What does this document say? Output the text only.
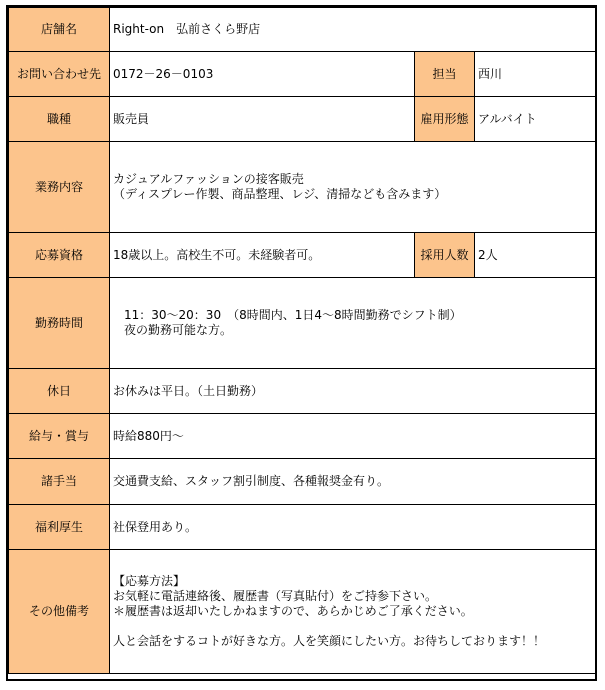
店舗名	Right-on　弘前さくら野店		
お問い合わせ先	0172－26－0103	担当	西川
職種	販売員	雇用形態	アルバイト
業務内容	カジュアルファッションの接客販売
（ディスプレー作製、商品整理、レジ、清掃なども含みます）		

応募資格	18歳以上。高校生不可。未経験者可。	採用人数	2人
勤務時間	11：30～20：30　（8時間内、1日4～8時間勤務でシフト制）
夜の勤務可能な方。		

休日	お休みは平日。（土日勤務）		
給与・賞与	時給880円～		
諸手当	交通費支給、スタッフ割引制度、各種報奨金有り。		
福利厚生	社保登用あり。		
その他備考	【応募方法】
お気軽に電話連絡後、履歴書（写真貼付）をご持参下さい。
＊履歴書は返却いたしかねますので、あらかじめご了承ください。
人と会話をするコトが好きな方。人を笑顔にしたい方。お待ちしております！！		
